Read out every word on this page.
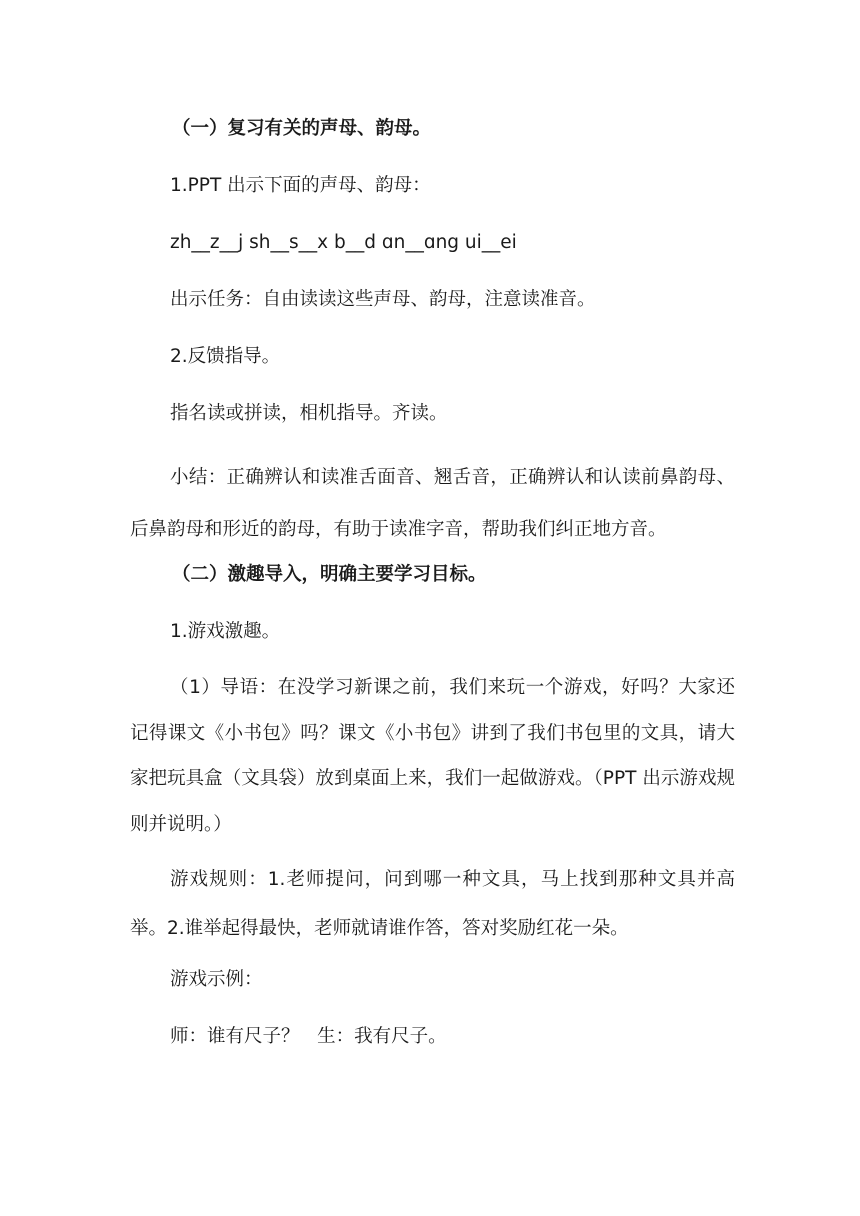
（一）复习有关的声母、韵母。

1.PPT 出示下面的声母、韵母：

zh__z__j sh__s__x b__d ɑn__ɑng ui__ei

出示任务：自由读读这些声母、韵母，注意读准音。

2.反馈指导。

指名读或拼读，相机指导。齐读。

小结：正确辨认和读准舌面音、翘舌音，正确辨认和认读前鼻韵母、后鼻韵母和形近的韵母，有助于读准字音，帮助我们纠正地方音。

（二）激趣导入，明确主要学习目标。

1.游戏激趣。

（1）导语：在没学习新课之前，我们来玩一个游戏，好吗？大家还记得课文《小书包》吗？课文《小书包》讲到了我们书包里的文具，请大家把玩具盒（文具袋）放到桌面上来，我们一起做游戏。（PPT 出示游戏规则并说明。）

游戏规则：1.老师提问，问到哪一种文具，马上找到那种文具并高举。2.谁举起得最快，老师就请谁作答，答对奖励红花一朵。

游戏示例：

师：谁有尺子？   生：我有尺子。
